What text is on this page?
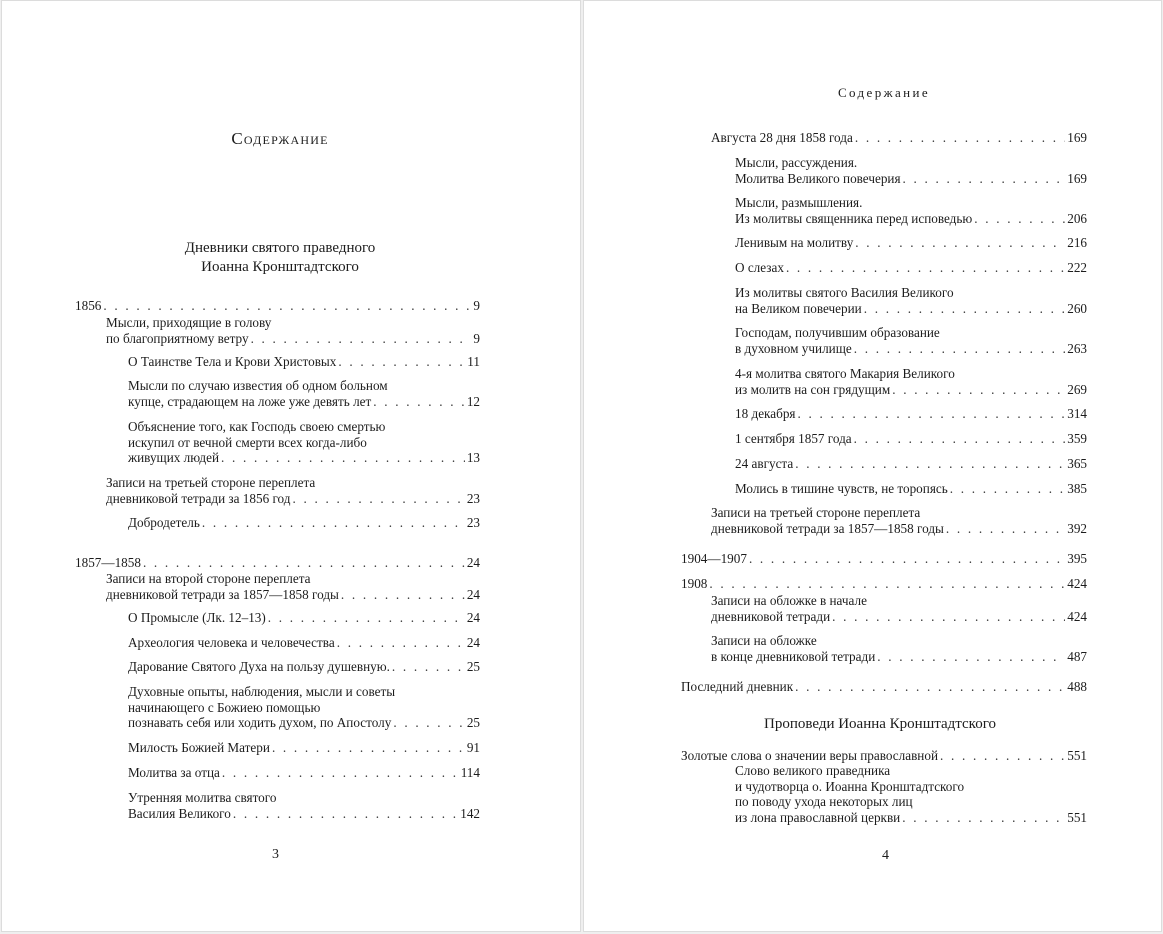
Содержание
Дневники святого праведного
Иоанна Кронштадтского
1856 . . .	9
Мысли, приходящие в голову
по благоприятному ветру . . .	9
О Таинстве Тела и Крови Христовых . . .	11
Мысли по случаю известия об одном больном
купце, страдающем на ложе уже девять лет . . .	12
Объяснение того, как Господь своею смертью
искупил от вечной смерти всех когда-либо
живущих людей . . .	13
Записи на третьей стороне переплета
дневниковой тетради за 1856 год . . .	23
Добродетель . . .	23
1857—1858 . . .	24
Записи на второй стороне переплета
дневниковой тетради за 1857—1858 годы . . .	24
О Промысле (Лк. 12–13) . . .	24
Археология человека и человечества . . .	24
Дарование Святого Духа на пользу душевную. . . .	25
Духовные опыты, наблюдения, мысли и советы
начинающего с Божиею помощью
познавать себя или ходить духом, по Апостолу . . .	25
Милость Божией Матери . . .	91
Молитва за отца . . .	114
Утренняя молитва святого
Василия Великого . . .	142
3
Содержание
Проповеди Иоанна Кронштадтского
Августа 28 дня 1858 года . . .	169
Мысли, рассуждения.
Молитва Великого повечерия . . .	169
Мысли, размышления.
Из молитвы священника перед исповедью . . .	206
Ленивым на молитву . . .	216
О слезах . . .	222
Из молитвы святого Василия Великого
на Великом повечерии . . .	260
Господам, получившим образование
в духовном училище . . .	263
4-я молитва святого Макария Великого
из молитв на сон грядущим . . .	269
18 декабря . . .	314
1 сентября 1857 года . . .	359
24 августа . . .	365
Молись в тишине чувств, не торопясь . . .	385
Записи на третьей стороне переплета
дневниковой тетради за 1857—1858 годы . . .	392
1904—1907 . . .	395
1908 . . .	424
Записи на обложке в начале
дневниковой тетради . . .	424
Записи на обложке
в конце дневниковой тетради . . .	487
Последний дневник . . .	488
Золотые слова о значении веры православной . . .	551
Слово великого праведника
и чудотворца о. Иоанна Кронштадтского
по поводу ухода некоторых лиц
из лона православной церкви . . .	551
4
